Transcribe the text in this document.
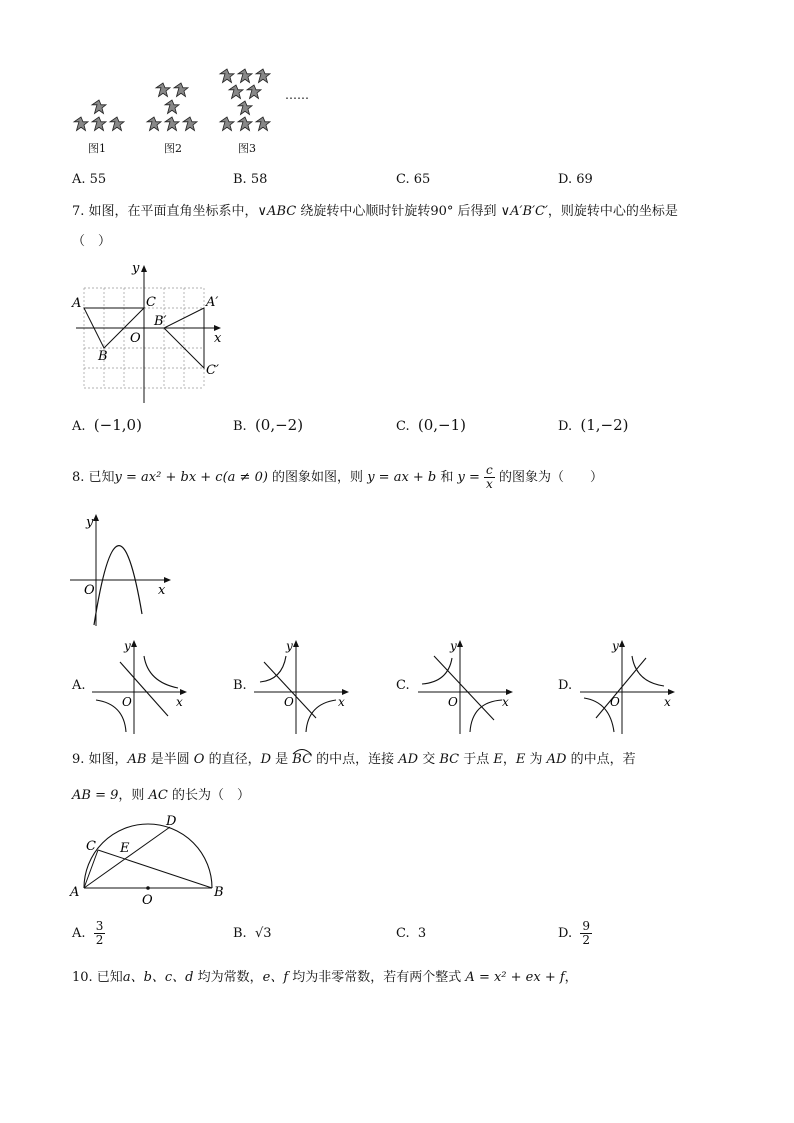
图1	图2	图3
……
A. 55	B. 58	C. 65	D. 69
7. 如图，在平面直角坐标系中，∨ABC 绕旋转中心顺时针旋转90° 后得到 ∨A′B′C′，则旋转中心的坐标是
（　）
A	C
B
O
A′
B′
C′
x
y
A. (−1,0)	B. (0,−2)	C. (0,−1)	D. (1,−2)
8. 已知y = ax² + bx + c(a ≠ 0) 的图象如图，则 y = ax + b 和 $y = \frac{c}{x}$ 的图象为（　　）
O	x
y
A.
O	x
y
B.
O	x
y
C.
O	x
y
D.
O	x
y
9. 如图，AB 是半圆 O 的直径，D 是 BC
的中点，连接 AD 交 BC 于点 E，E 为 AD 的中点，若
AB = 9，则 AC 的长为（　）
A	B
C
D
E
O
A. $\frac{3}{2}$	B. √3	C. 3	D. $\frac{9}{2}$
10. 已知a、b、c、d 均为常数，e、f 均为非零常数，若有两个整式 A = x² + ex + f，
